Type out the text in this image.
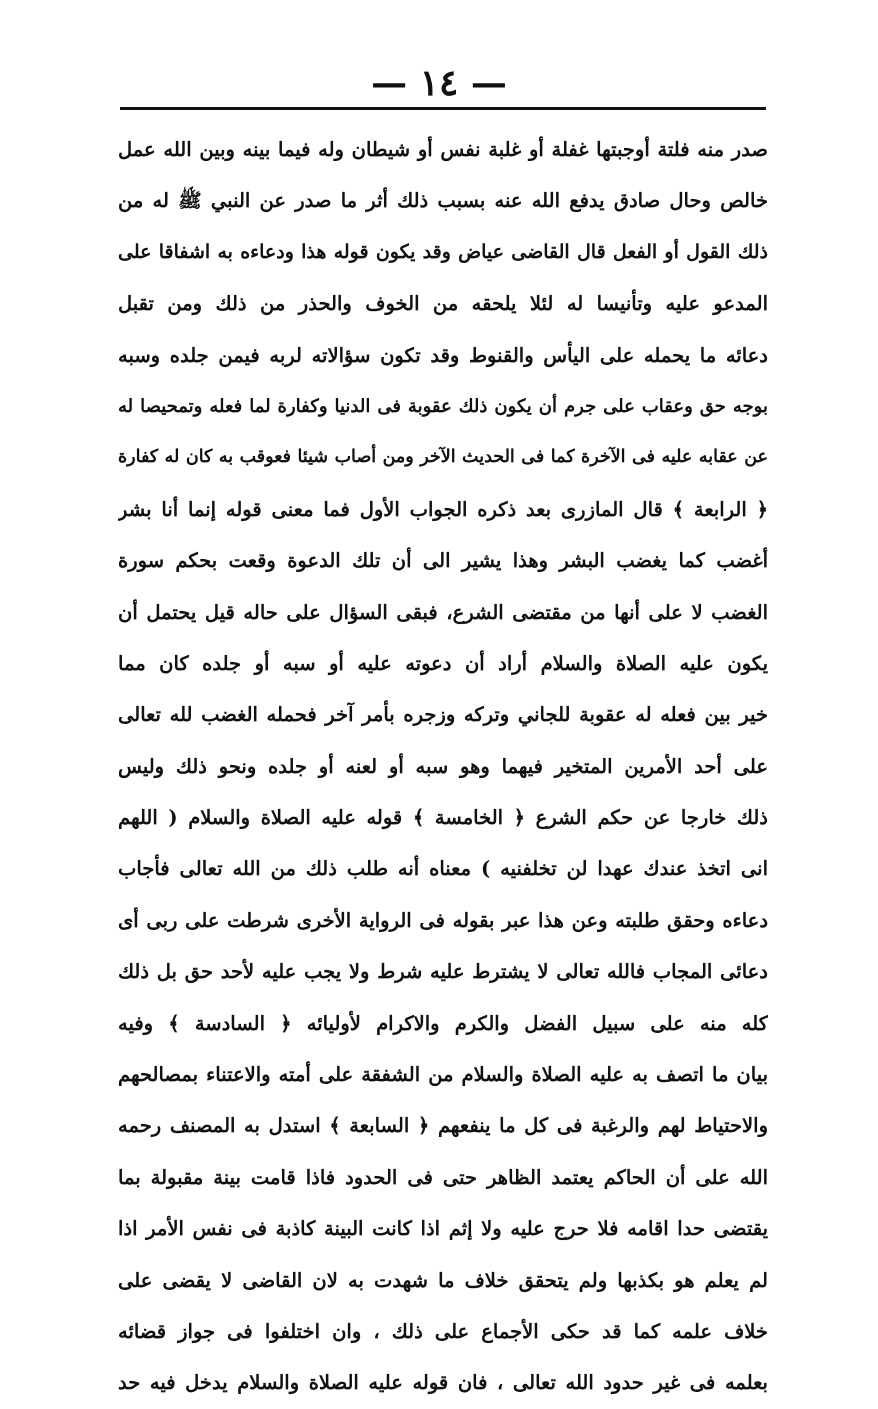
— ١٤ —
صدر منه فلتة أوجبتها غفلة أو غلبة نفس أو شيطان وله فيما بينه وبين الله عمل
خالص وحال صادق يدفع الله عنه بسبب ذلك أثر ما صدر عن النبي ﷺ له من
ذلك القول أو الفعل قال القاضى عياض وقد يكون قوله هذا ودعاءه به اشفاقا على
المدعو عليه وتأنيسا له لئلا يلحقه من الخوف والحذر من ذلك ومن تقبل
دعائه ما يحمله على اليأس والقنوط وقد تكون سؤالاته لربه فيمن جلده وسبه
بوجه حق وعقاب على جرم أن يكون ذلك عقوبة فى الدنيا وكفارة لما فعله وتمحيصا له
عن عقابه عليه فى الآخرة كما فى الحديث الآخر ومن أصاب شيئا فعوقب به كان له كفارة
﴿ الرابعة ﴾ قال المازرى بعد ذكره الجواب الأول فما معنى قوله إنما أنا بشر
أغضب كما يغضب البشر وهذا يشير الى أن تلك الدعوة وقعت بحكم سورة
الغضب لا على أنها من مقتضى الشرع، فبقى السؤال على حاله قيل يحتمل أن
يكون عليه الصلاة والسلام أراد أن دعوته عليه أو سبه أو جلده كان مما
خير بين فعله له عقوبة للجاني وتركه وزجره بأمر آخر فحمله الغضب لله تعالى
على أحد الأمرين المتخير فيهما وهو سبه أو لعنه أو جلده ونحو ذلك وليس
ذلك خارجا عن حكم الشرع ﴿ الخامسة ﴾ قوله عليه الصلاة والسلام ( اللهم
انى اتخذ عندك عهدا لن تخلفنيه ) معناه أنه طلب ذلك من الله تعالى فأجاب
دعاءه وحقق طلبته وعن هذا عبر بقوله فى الرواية الأخرى شرطت على ربى أى
دعائى المجاب فالله تعالى لا يشترط عليه شرط ولا يجب عليه لأحد حق بل ذلك
كله منه على سبيل الفضل والكرم والاكرام لأوليائه ﴿ السادسة ﴾ وفيه
بيان ما اتصف به عليه الصلاة والسلام من الشفقة على أمته والاعتناء بمصالحهم
والاحتياط لهم والرغبة فى كل ما ينفعهم ﴿ السابعة ﴾ استدل به المصنف رحمه
الله على أن الحاكم يعتمد الظاهر حتى فى الحدود فاذا قامت بينة مقبولة بما
يقتضى حدا اقامه فلا حرج عليه ولا إثم اذا كانت البينة كاذبة فى نفس الأمر اذا
لم يعلم هو بكذبها ولم يتحقق خلاف ما شهدت به لان القاضى لا يقضى على
خلاف علمه كما قد حكى الأجماع على ذلك ، وان اختلفوا فى جواز قضائه
بعلمه فى غير حدود الله تعالى ، فان قوله عليه الصلاة والسلام يدخل فيه حد
